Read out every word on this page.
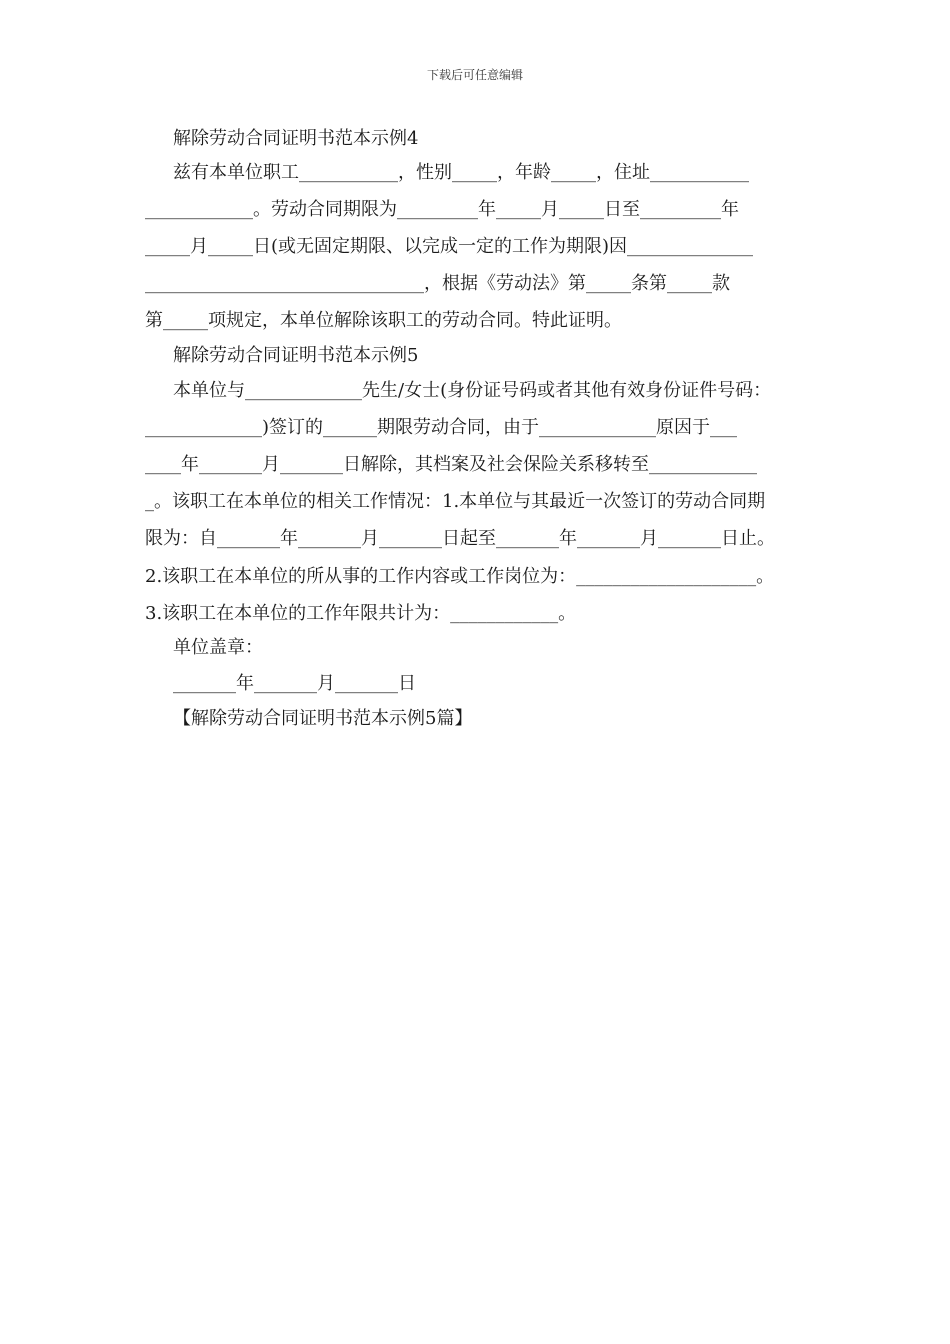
下载后可任意编辑
解除劳动合同证明书范本示例4
兹有本单位职工___________，性别_____，年龄_____，住址___________
____________。劳动合同期限为_________年_____月_____日至_________年
_____月_____日(或无固定期限、以完成一定的工作为期限)因______________
_______________________________，根据《劳动法》第_____条第_____款
第_____项规定，本单位解除该职工的劳动合同。特此证明。
解除劳动合同证明书范本示例5
本单位与_____________先生/女士(身份证号码或者其他有效身份证件号码：
_____________)签订的______期限劳动合同，由于_____________原因于___
____年_______月_______日解除，其档案及社会保险关系移转至____________
_。该职工在本单位的相关工作情况：1.本单位与其最近一次签订的劳动合同期
限为：自_______年_______月_______日起至_______年_______月_______日止。
2.该职工在本单位的所从事的工作内容或工作岗位为：____________________。
3.该职工在本单位的工作年限共计为：____________。
单位盖章：
_______年_______月_______日
【解除劳动合同证明书范本示例5篇】
